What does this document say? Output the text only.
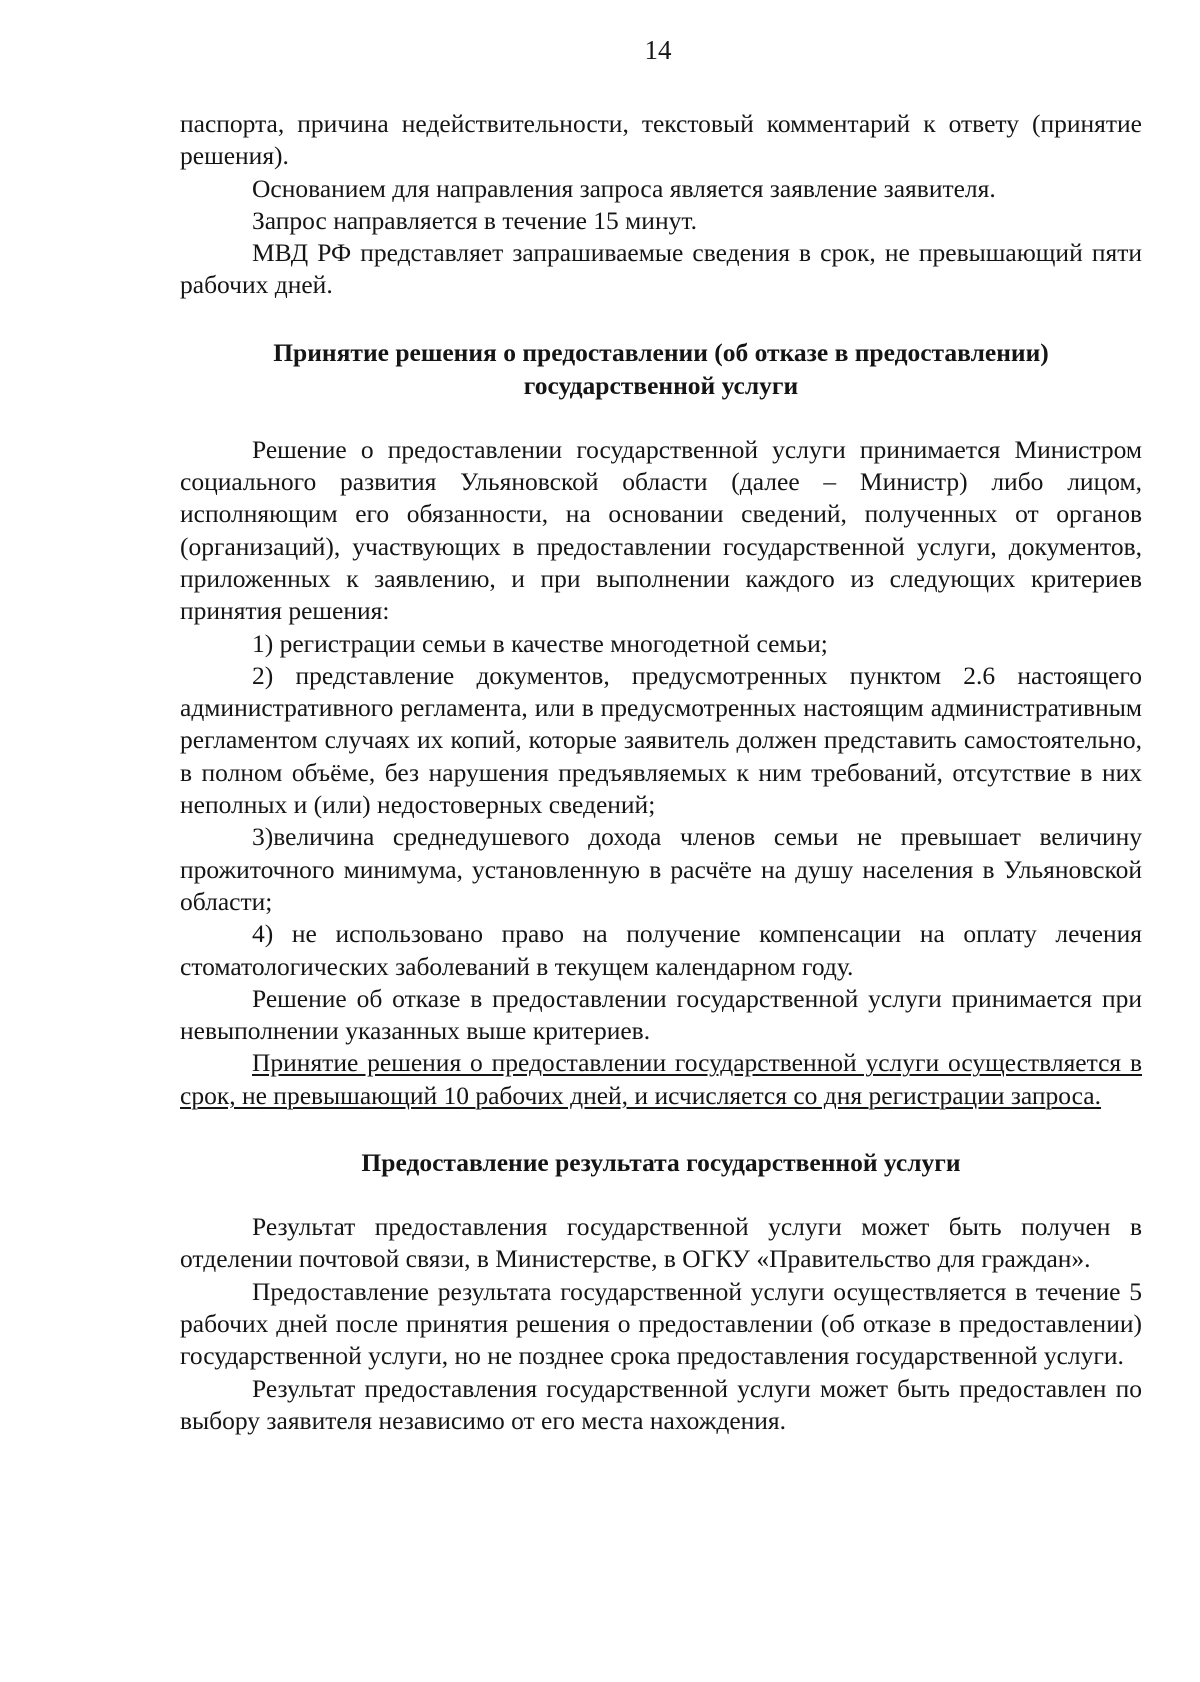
14

паспорта, причина недействительности, текстовый комментарий к ответу (принятие решения).

Основанием для направления запроса является заявление заявителя.

Запрос направляется в течение 15 минут.

МВД РФ представляет запрашиваемые сведения в срок, не превышающий пяти рабочих дней.

Принятие решения о предоставлении (об отказе в предоставлении)

государственной услуги

Решение о предоставлении государственной услуги принимается Министром социального развития Ульяновской области (далее – Министр) либо лицом, исполняющим его обязанности, на основании сведений, полученных от органов (организаций), участвующих в предоставлении государственной услуги, документов, приложенных к заявлению, и при выполнении каждого из следующих критериев принятия решения:

1) регистрации семьи в качестве многодетной семьи;

2) представление документов, предусмотренных пунктом 2.6 настоящего административного регламента, или в предусмотренных настоящим административным регламентом случаях их копий, которые заявитель должен представить самостоятельно, в полном объёме, без нарушения предъявляемых к ним требований, отсутствие в них неполных и (или) недостоверных сведений;

3)величина среднедушевого дохода членов семьи не превышает величину прожиточного минимума, установленную в расчёте на душу населения в Ульяновской области;

4) не использовано право на получение компенсации на оплату лечения стоматологических заболеваний в текущем календарном году.

Решение об отказе в предоставлении государственной услуги принимается при невыполнении указанных выше критериев.

Принятие решения о предоставлении государственной услуги осуществляется в срок, не превышающий 10 рабочих дней, и исчисляется со дня регистрации запроса.

Предоставление результата государственной услуги

Результат предоставления государственной услуги может быть получен в отделении почтовой связи, в Министерстве, в ОГКУ «Правительство для граждан».

Предоставление результата государственной услуги осуществляется в течение 5 рабочих дней после принятия решения о предоставлении (об отказе в предоставлении) государственной услуги, но не позднее срока предоставления государственной услуги.

Результат предоставления государственной услуги может быть предоставлен по выбору заявителя независимо от его места нахождения.
